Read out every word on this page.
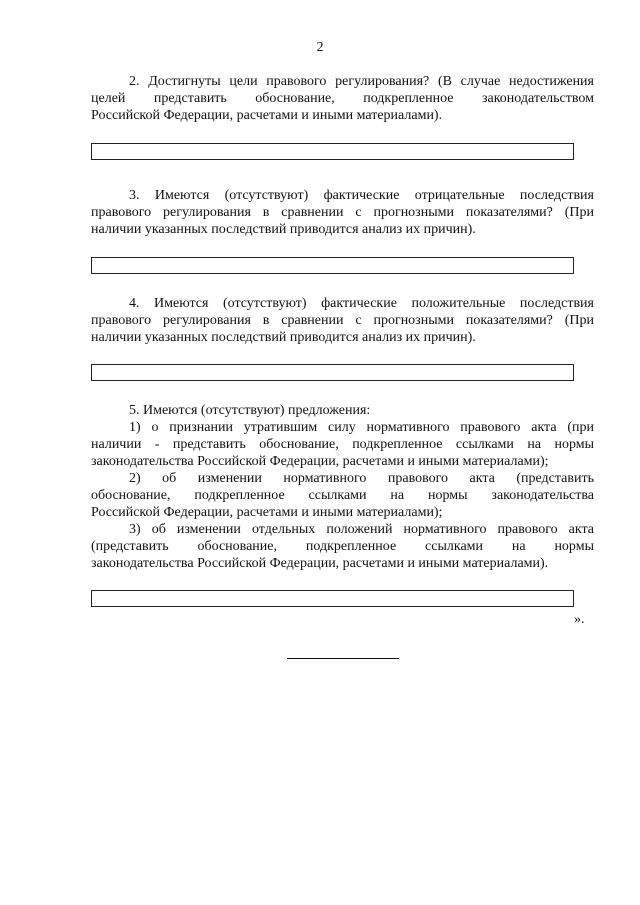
2
2. Достигнуты цели правового регулирования? (В случае недостижения
целей представить обоснование, подкрепленное законодательством
Российской Федерации, расчетами и иными материалами).
3. Имеются (отсутствуют) фактические отрицательные последствия
правового регулирования в сравнении с прогнозными показателями? (При
наличии указанных последствий приводится анализ их причин).
4. Имеются (отсутствуют) фактические положительные последствия
правового регулирования в сравнении с прогнозными показателями? (При
наличии указанных последствий приводится анализ их причин).
5. Имеются (отсутствуют) предложения:
1) о признании утратившим силу нормативного правового акта (при
наличии - представить обоснование, подкрепленное ссылками на нормы
законодательства Российской Федерации, расчетами и иными материалами);
2) об изменении нормативного правового акта (представить
обоснование, подкрепленное ссылками на нормы законодательства
Российской Федерации, расчетами и иными материалами);
3) об изменении отдельных положений нормативного правового акта
(представить обоснование, подкрепленное ссылками на нормы
законодательства Российской Федерации, расчетами и иными материалами).
».
